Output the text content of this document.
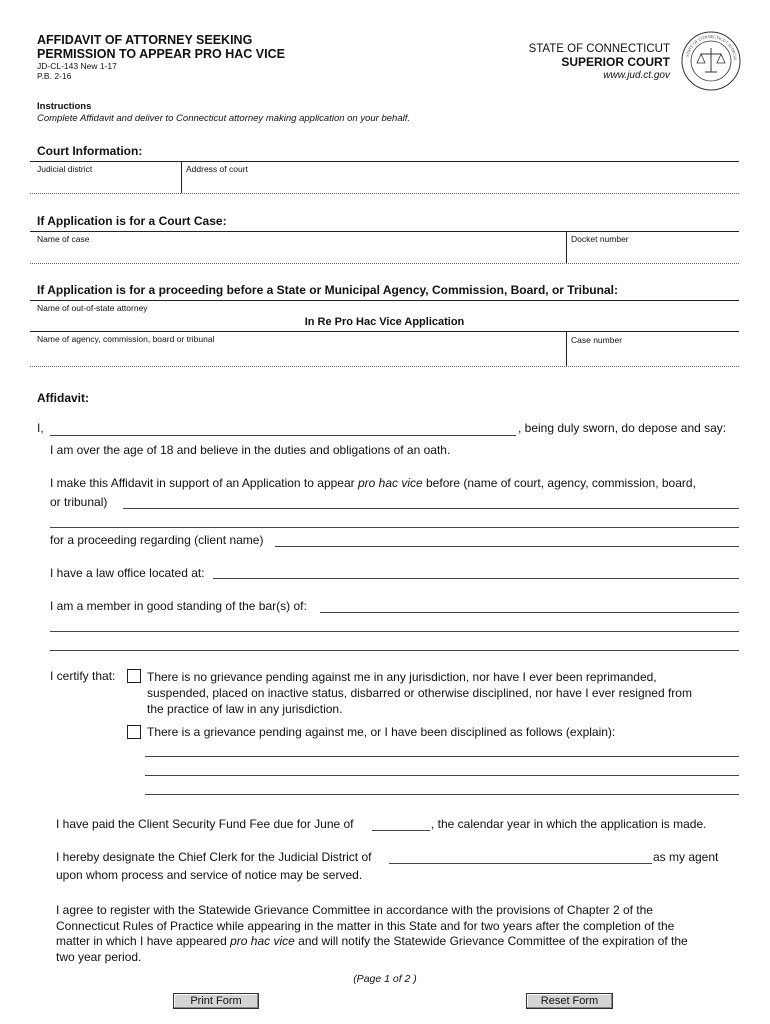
AFFIDAVIT OF ATTORNEY SEEKING
PERMISSION TO APPEAR PRO HAC VICE
JD-CL-143 New 1-17
P.B. 2-16
STATE OF CONNECTICUT
SUPERIOR COURT
www.jud.ct.gov
STATE OF CONNECTICUT JUDICIA
Instructions
Complete Affidavit and deliver to Connecticut attorney making application on your behalf.
Court Information:
Judicial district	Address of court
If Application is for a Court Case:
Name of case	Docket number
If Application is for a proceeding before a State or Municipal Agency, Commission, Board, or Tribunal:
Name of out-of-state attorney
In Re Pro Hac Vice Application
Name of agency, commission, board or tribunal	Case number
Affidavit:
I,	, being duly sworn, do depose and say:
I am over the age of 18 and believe in the duties and obligations of an oath.
I make this Affidavit in support of an Application to appear pro hac vice before (name of court, agency, commission, board,
or tribunal)
for a proceeding regarding (client name)
I have a law office located at:
I am a member in good standing of the bar(s) of:
I certify that:	There is no grievance pending against me in any jurisdiction, nor have I ever been reprimanded,
suspended, placed on inactive status, disbarred or otherwise disciplined, nor have I ever resigned from
the practice of law in any jurisdiction.
There is a grievance pending against me, or I have been disciplined as follows (explain):
I have paid the Client Security Fund Fee due for June of	, the calendar year in which the application is made.
I hereby designate the Chief Clerk for the Judicial District of	as my agent
upon whom process and service of notice may be served.
I agree to register with the Statewide Grievance Committee in accordance with the provisions of Chapter 2 of the
Connecticut Rules of Practice while appearing in the matter in this State and for two years after the completion of the
matter in which I have appeared pro hac vice and will notify the Statewide Grievance Committee of the expiration of the
two year period.
(Page 1 of 2 )
Print Form	Reset Form
